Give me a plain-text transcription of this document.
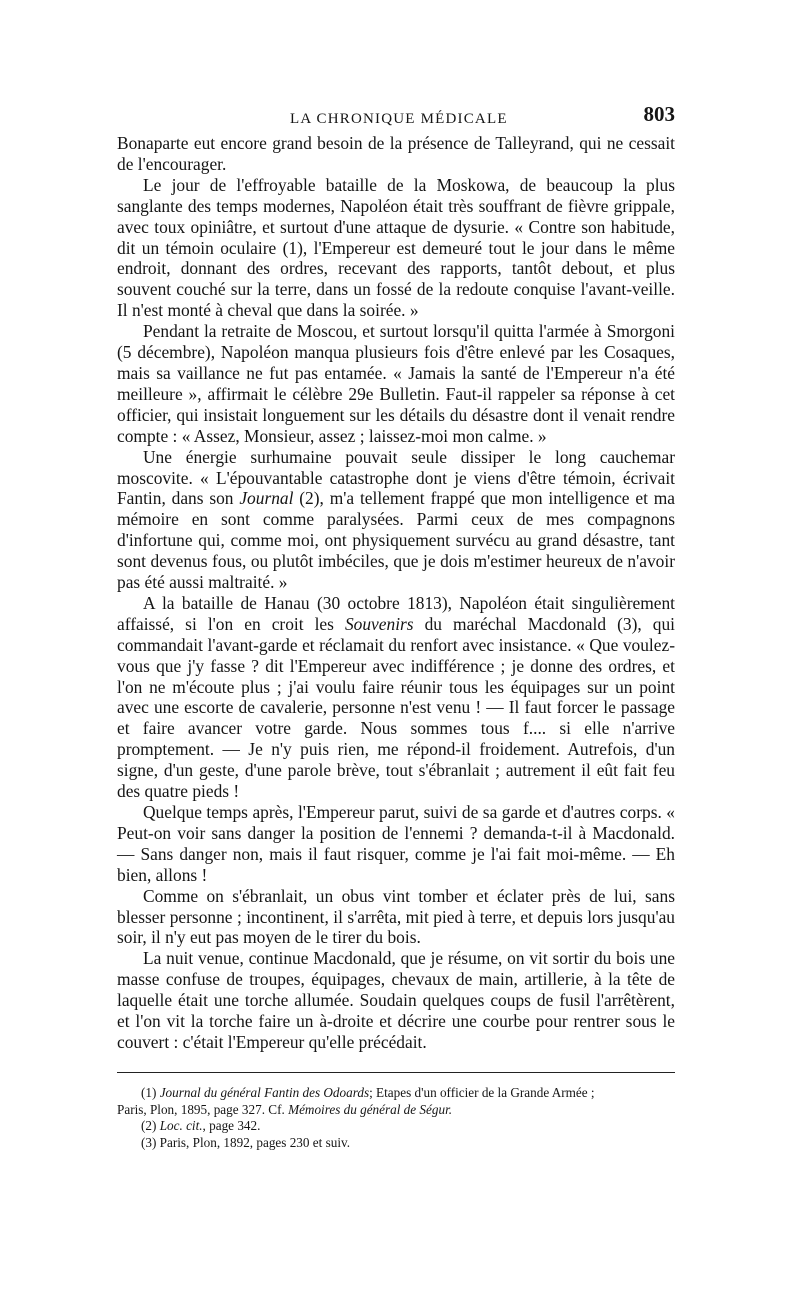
LA CHRONIQUE MÉDICALE	803

Bonaparte eut encore grand besoin de la présence de Talleyrand, qui ne cessait de l'encourager.

Le jour de l'effroyable bataille de la Moskowa, de beaucoup la plus sanglante des temps modernes, Napoléon était très souffrant de fièvre grippale, avec toux opiniâtre, et surtout d'une attaque de dysurie. « Contre son habitude, dit un témoin oculaire (1), l'Empereur est demeuré tout le jour dans le même endroit, donnant des ordres, recevant des rapports, tantôt debout, et plus souvent couché sur la terre, dans un fossé de la redoute conquise l'avant-veille. Il n'est monté à cheval que dans la soirée. »

Pendant la retraite de Moscou, et surtout lorsqu'il quitta l'armée à Smorgoni (5 décembre), Napoléon manqua plusieurs fois d'être enlevé par les Cosaques, mais sa vaillance ne fut pas entamée. « Jamais la santé de l'Empereur n'a été meilleure », affirmait le célèbre 29e Bulletin. Faut-il rappeler sa réponse à cet officier, qui insistait longuement sur les détails du désastre dont il venait rendre compte : « Assez, Monsieur, assez ; laissez-moi mon calme. »

Une énergie surhumaine pouvait seule dissiper le long cauchemar moscovite. « L'épouvantable catastrophe dont je viens d'être témoin, écrivait Fantin, dans son Journal (2), m'a tellement frappé que mon intelligence et ma mémoire en sont comme paralysées. Parmi ceux de mes compagnons d'infortune qui, comme moi, ont physiquement survécu au grand désastre, tant sont devenus fous, ou plutôt imbéciles, que je dois m'estimer heureux de n'avoir pas été aussi maltraité. »

A la bataille de Hanau (30 octobre 1813), Napoléon était singulièrement affaissé, si l'on en croit les Souvenirs du maréchal Macdonald (3), qui commandait l'avant-garde et réclamait du renfort avec insistance. « Que voulez-vous que j'y fasse ? dit l'Empereur avec indifférence ; je donne des ordres, et l'on ne m'écoute plus ; j'ai voulu faire réunir tous les équipages sur un point avec une escorte de cavalerie, personne n'est venu ! — Il faut forcer le passage et faire avancer votre garde. Nous sommes tous f.... si elle n'arrive promptement. — Je n'y puis rien, me répond-il froidement. Autrefois, d'un signe, d'un geste, d'une parole brève, tout s'ébranlait ; autrement il eût fait feu des quatre pieds !

Quelque temps après, l'Empereur parut, suivi de sa garde et d'autres corps. « Peut-on voir sans danger la position de l'ennemi ? demanda-t-il à Macdonald. — Sans danger non, mais il faut risquer, comme je l'ai fait moi-même. — Eh bien, allons !

Comme on s'ébranlait, un obus vint tomber et éclater près de lui, sans blesser personne ; incontinent, il s'arrêta, mit pied à terre, et depuis lors jusqu'au soir, il n'y eut pas moyen de le tirer du bois.

La nuit venue, continue Macdonald, que je résume, on vit sortir du bois une masse confuse de troupes, équipages, chevaux de main, artillerie, à la tête de laquelle était une torche allumée. Soudain quelques coups de fusil l'arrêtèrent, et l'on vit la torche faire un à-droite et décrire une courbe pour rentrer sous le couvert : c'était l'Empereur qu'elle précédait.

(1) Journal du général Fantin des Odoards; Etapes d'un officier de la Grande Armée ;

Paris, Plon, 1895, page 327. Cf. Mémoires du général de Ségur.

(2) Loc. cit., page 342.

(3) Paris, Plon, 1892, pages 230 et suiv.
